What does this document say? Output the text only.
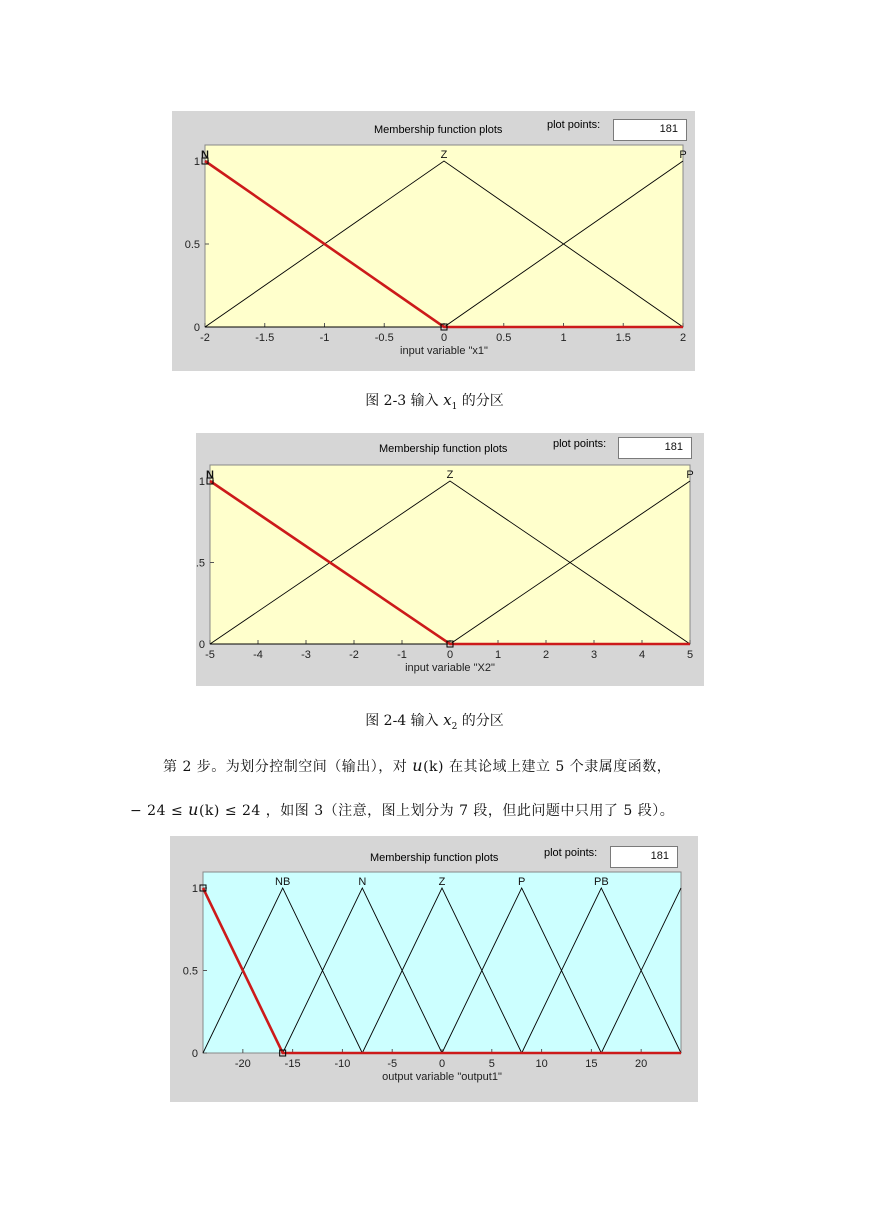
Membership function plots	plot points:	181
-2	-1.5	-1	-0.5	0	0.5	1	1.5	2
0
0.5
1
input variable "x1"
N	Z	P
图 2-3 输入 $x_1$ 的分区
Membership function plots	plot points:	181
-5	-4	-3	-2	-1	0	1	2	3	4	5
0
.5
1
input variable "X2"
N	Z	P
图 2-4 输入 $x_2$ 的分区
第 2 步。为划分控制空间（输出），对 u(k) 在其论域上建立 5 个隶属度函数，
− 24 ≤ u(k) ≤ 24 ，如图 3（注意，图上划分为 7 段，但此问题中只用了 5 段）。
Membership function plots	plot points:	181
-20	-15	-10	-5	0	5	10	15	20
0
0.5
1
output variable "output1"
NB	N	Z	P	PB
